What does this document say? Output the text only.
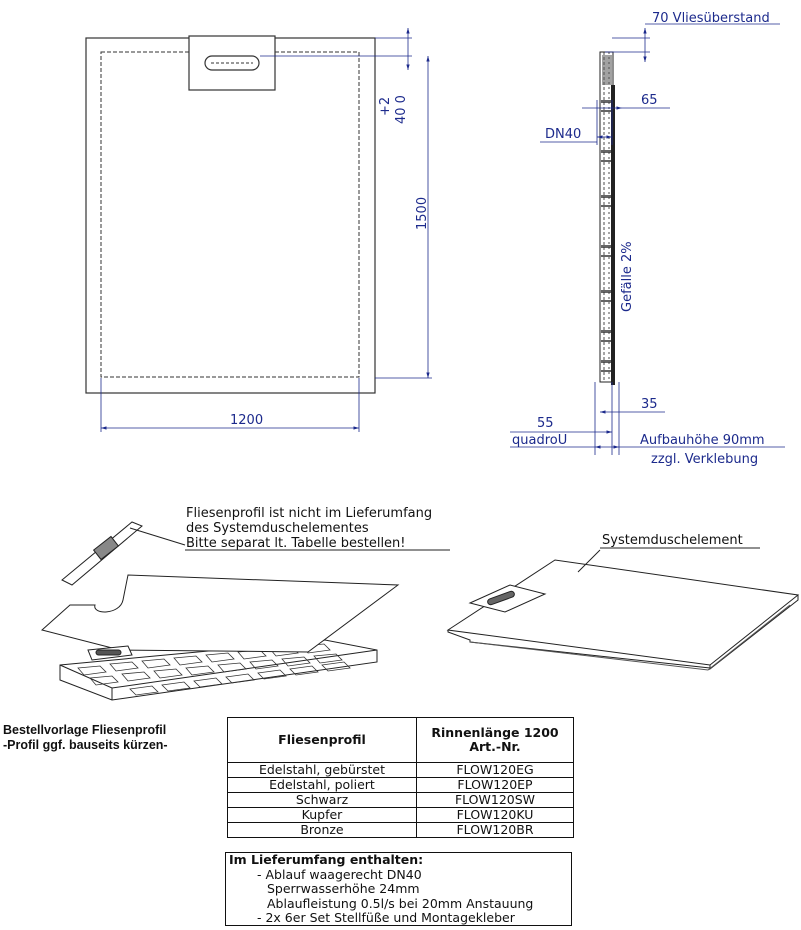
1200
1500
+2 40 0
70 Vliesüberstand
65
DN40
Gefälle 2%
35
55
quadroU	Aufbauhöhe 90mm
zzgl. Verklebung
Fliesenprofil ist nicht im Lieferumfang
des Systemduschelementes
Bitte separat lt. Tabelle bestellen!	Systemduschelement
Bestellvorlage Fliesenprofil
-Profil ggf. bauseits kürzen-	Fliesenprofil	Rinnenlänge 1200
Art.-Nr.

Edelstahl, gebürstet	FLOW120EG
Edelstahl, poliert	FLOW120EP
Schwarz	FLOW120SW
Kupfer	FLOW120KU
Bronze	FLOW120BR
Im Lieferumfang enthalten:
- Ablauf waagerecht DN40
Sperrwasserhöhe 24mm
Ablaufleistung 0.5l/s bei 20mm Anstauung
- 2x 6er Set Stellfüße und Montagekleber
